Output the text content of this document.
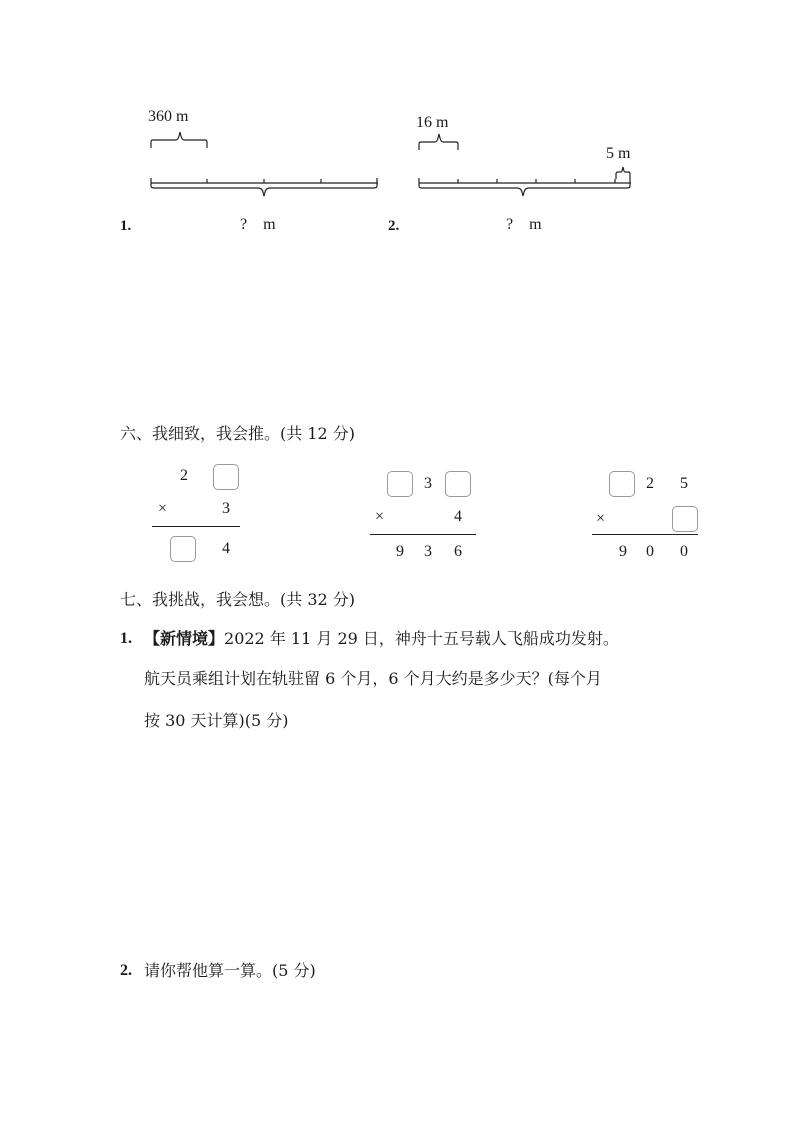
1.
360 m
?　m	2.
16 m
5 m
?　m
六、我细致，我会推。(共 12 分)
2
×	3
4
3
×	4
9 3 6
2 5
×
9 0 0
七、我挑战，我会想。(共 32 分)
1. 【新情境】2022 年 11 月 29 日，神舟十五号载人飞船成功发射。
航天员乘组计划在轨驻留 6 个月，6 个月大约是多少天？(每个月
按 30 天计算)(5 分)
2. 请你帮他算一算。(5 分)
